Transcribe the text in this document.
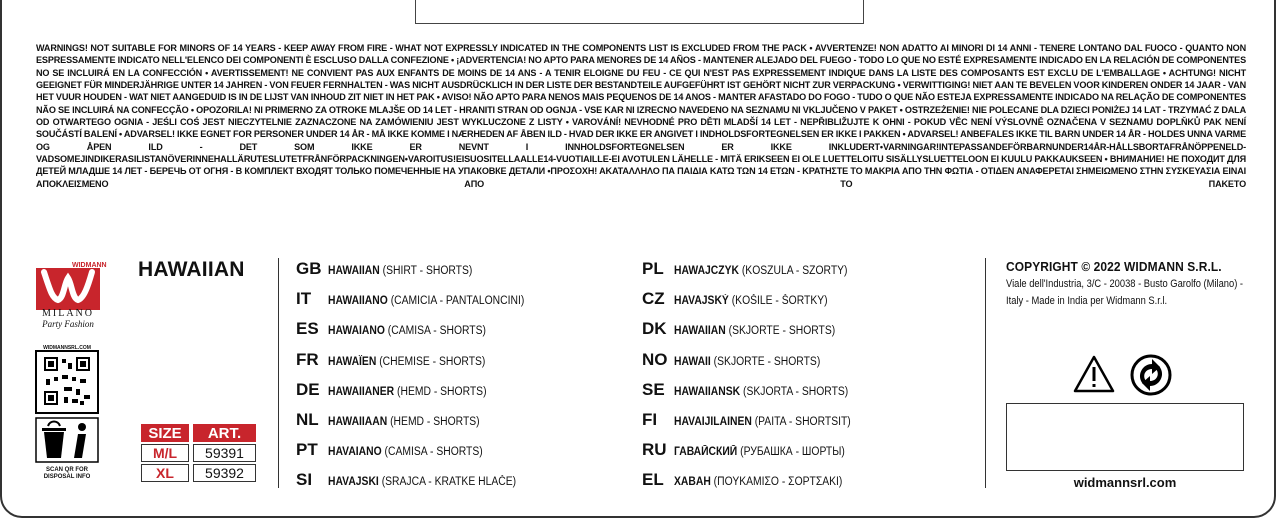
WARNINGS! NOT SUITABLE FOR MINORS OF 14 YEARS - KEEP AWAY FROM FIRE - WHAT NOT EXPRESSLY INDICATED IN THE COMPONENTS LIST IS EXCLUDED FROM THE PACK • AVVERTENZE! NON ADATTO AI MINORI DI 14 ANNI - TENERE LONTANO DAL FUOCO - QUANTO NON ESPRESSAMENTE INDICATO NELL'ELENCO DEI COMPONENTI È ESCLUSO DALLA CONFEZIONE • ¡ADVERTENCIA! NO APTO PARA MENORES DE 14 AÑOS - MANTENER ALEJADO DEL FUEGO - TODO LO QUE NO ESTÉ EXPRESAMENTE INDICADO EN LA RELACIÓN DE COMPONENTES NO SE INCLUIRÁ EN LA CONFECCIÓN • AVERTISSEMENT! NE CONVIENT PAS AUX ENFANTS DE MOINS DE 14 ANS - A TENIR ELOIGNE DU FEU - CE QUI N'EST PAS EXPRESSEMENT INDIQUE DANS LA LISTE DES COMPOSANTS EST EXCLU DE L'EMBALLAGE • ACHTUNG! NICHT GEEIGNET FÜR MINDERJÄHRIGE UNTER 14 JAHREN - VON FEUER FERNHALTEN - WAS NICHT AUSDRÜCKLICH IN DER LISTE DER BESTANDTEILE AUFGEFÜHRT IST GEHÖRT NICHT ZUR VERPACKUNG • VERWITTIGING! NIET AAN TE BEVELEN VOOR KINDEREN ONDER 14 JAAR - VAN HET VUUR HOUDEN - WAT NIET AANGEDUID IS IN DE LIJST VAN INHOUD ZIT NIET IN HET PAK • AVISO! NÃO APTO PARA NENOS MAIS PEQUENOS DE 14 ANOS - MANTER AFASTADO DO FOGO - TUDO O QUE NÃO ESTEJA EXPRESSAMENTE INDICADO NA RELAÇÃO DE COMPONENTES NÃO SE INCLUIRÁ NA CONFECÇÃO • OPOZORILA! NI PRIMERNO ZA OTROKE MLAJŠE OD 14 LET - HRANITI STRAN OD OGNJA - VSE KAR NI IZRECNO NAVEDENO NA SEZNAMU NI VKLJUČENO V PAKET • OSTRZEŻENIE! NIE POLECANE DLA DZIECI PONIŻEJ 14 LAT - TRZYMAĆ Z DALA OD OTWARTEGO OGNIA - JEŚLI COŚ JEST NIECZYTELNIE ZAZNACZONE NA ZAMÓWIENIU JEST WYKLUCZONE Z LISTY • VAROVÁNÍ! NEVHODNÉ PRO DĚTI MLADŠÍ 14 LET - NEPŘIBLIŽUJTE K OHNI - POKUD VĚC NENÍ VÝSLOVNĚ OZNAČENA V SEZNAMU DOPLŇKŮ PAK NENÍ SOUČÁSTÍ BALENÍ • ADVARSEL! IKKE EGNET FOR PERSONER UNDER 14 ÅR - MÅ IKKE KOMME I NÆRHEDEN AF ÅBEN ILD - HVAD DER IKKE ER ANGIVET I INDHOLDSFORTEGNELSEN ER IKKE I PAKKEN • ADVARSEL! ANBEFALES IKKE TIL BARN UNDER 14 ÅR - HOLDES UNNA VARME OG ÅPEN ILD - DET SOM IKKE ER NEVNT I INNHOLDSFORTEGNELSEN ER IKKE INKLUDERT•VARNINGAR!INTEPASSANDEFÖRBARNUNDER14ÅR-HÅLLSBORTAFRÅNÖPPENELD-VADSOMEJINDIKERASILISTANÖVERINNEHALLÄRUTESLUTETFRÅNFÖRPACKNINGEN•VAROITUS!EISUOSITELLAALLE14-VUOTIAILLE-EI AVOTULEN LÄHELLE - MITÄ ERIKSEEN EI OLE LUETTELOITU SISÄLLYSLUETTELOON EI KUULU PAKKAUKSEEN • ВНИМАНИЕ! НЕ ПОХОДИТ ДЛЯ ДЕТЕЙ МЛАДШЕ 14 ЛЕТ - БЕРЕЧЬ ОТ ОГНЯ - В КОМПЛЕКТ ВХОДЯТ ТОЛЬКО ПОМЕЧЕННЫЕ НА УПАКОВКЕ ДЕТАЛИ •ΠΡΟΣΟΧΗ! ΑΚΑΤΑΛΛΗΛΟ ΠΑ ΠΑΙΔΙΑ ΚΑΤΩ ΤΩΝ 14 ΕΤΩΝ - ΚΡΑΤΗΣΤΕ ΤΟ ΜΑΚΡΙΑ ΑΠΟ ΤΗΝ ΦΩΤΙΑ - ΟΤΙΔΕΝ ΑΝΑΦΕΡΕΤΑΙ ΣΗΜΕΙΩΜΕΝΟ ΣΤΗΝ ΣΥΣΚΕΥΑΣΙΑ ΕΙΝΑΙ ΑΠΟΚΛΕΙΣΜΕΝΟ ΑΠΟ ΤΟ ΠΑΚΕΤΟ
WIDMANN
MILANO
Party Fashion
WIDMANNSRL.COM
SCAN QR FOR
DISPOSAL INFO
HAWAIIAN
SIZE	ART.
M/L	59391
XL	59392
GB HAWAIIAN (SHIRT - SHORTS)
IT	HAWAIIANO (CAMICIA - PANTALONCINI)
ES HAWAIANO (CAMISA - SHORTS)
FR HAWAÏEN (CHEMISE - SHORTS)
DE HAWAIIANER (HEMD - SHORTS)
NL HAWAIIAAN (HEMD - SHORTS)
PT HAVAIANO (CAMISA - SHORTS)
SI	HAVAJSKI (SRAJCA - KRATKE HLAČE)
PL HAWAJCZYK (KOSZULA - SZORTY)
CZ HAVAJSKÝ (KOŠILE - ŠORTKY)
DK HAWAIIAN (SKJORTE - SHORTS)
NO HAWAII (SKJORTE - SHORTS)
SE HAWAIIANSK (SKJORTA - SHORTS)
FI	HAVAIJILAINEN (PAITA - SHORTSIT)
RU ГАВАЙСКИЙ (РУБАШКА - ШОРТЫ)
EL ΧΑΒΑΗ (ΠΟΥΚΑΜΙΣΟ - ΣΟΡΤΣΑΚΙ)
COPYRIGHT © 2022 WIDMANN S.R.L.
Viale dell'Industria, 3/C - 20038 - Busto Garolfo (Milano) - Italy - Made in India per Widmann S.r.l.
widmannsrl.com
